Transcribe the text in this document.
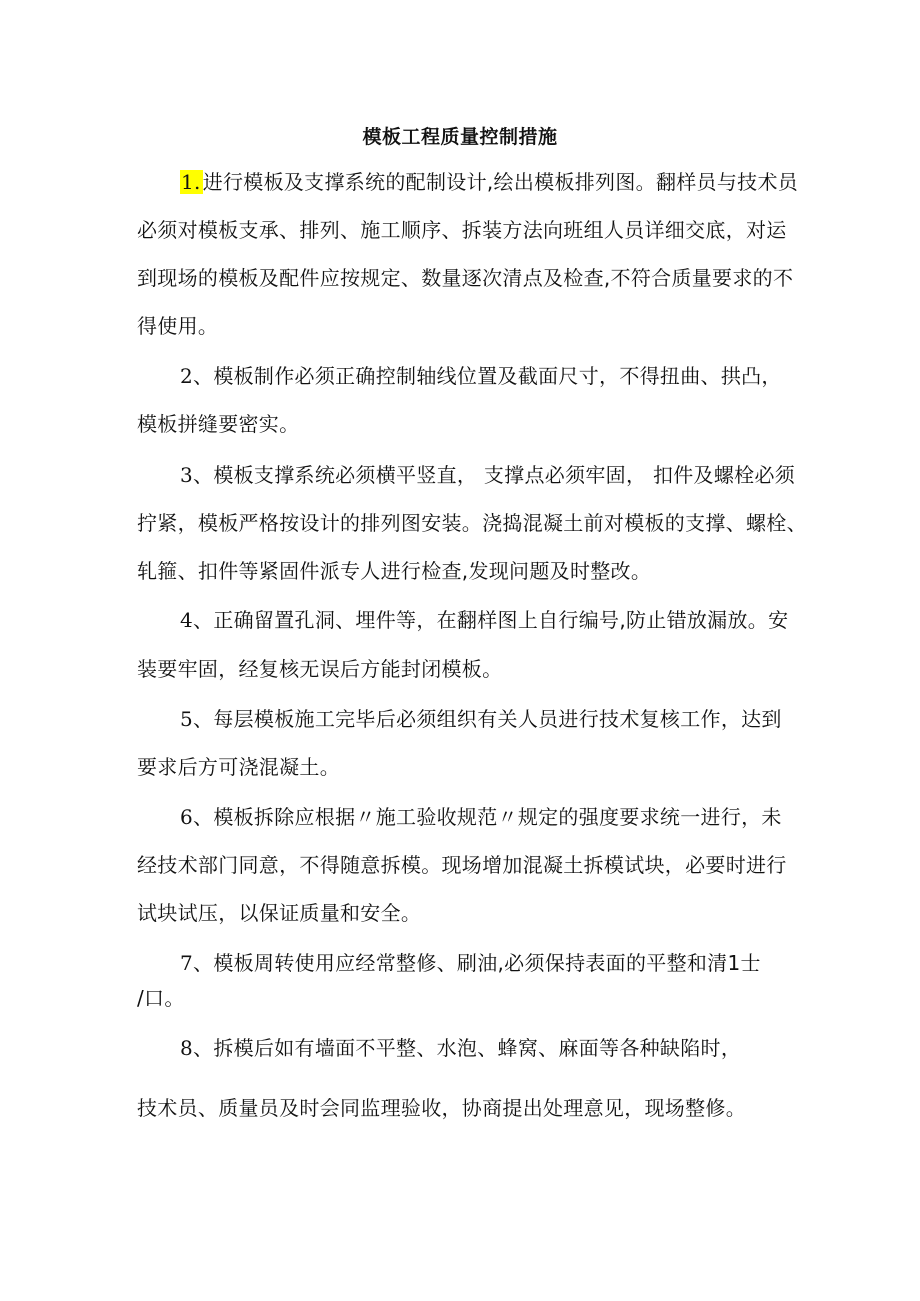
模板工程质量控制措施
1. 进行模板及支撑系统的配制设计,绘出模板排列图。翻样员与技术员
必须对模板支承、排列、施工顺序、拆装方法向班组人员详细交底，对运
到现场的模板及配件应按规定、数量逐次清点及检查,不符合质量要求的不
得使用。
2、模板制作必须正确控制轴线位置及截面尺寸，不得扭曲、拱凸，
模板拼缝要密实。
3、模板支撑系统必须横平竖直， 支撑点必须牢固， 扣件及螺栓必须
拧紧，模板严格按设计的排列图安装。浇捣混凝土前对模板的支撑、螺栓、
轧箍、扣件等紧固件派专人进行检查,发现问题及时整改。
4、正确留置孔洞、埋件等，在翻样图上自行编号,防止错放漏放。安
装要牢固，经复核无误后方能封闭模板。
5、每层模板施工完毕后必须组织有关人员进行技术复核工作，达到
要求后方可浇混凝土。
6、模板拆除应根据〃施工验收规范〃规定的强度要求统一进行，未
经技术部门同意，不得随意拆模。现场增加混凝土拆模试块，必要时进行
试块试压，以保证质量和安全。
7、模板周转使用应经常整修、刷油,必须保持表面的平整和清1士
/口。
8、拆模后如有墙面不平整、水泡、蜂窝、麻面等各种缺陷时，
技术员、质量员及时会同监理验收，协商提出处理意见，现场整修。
